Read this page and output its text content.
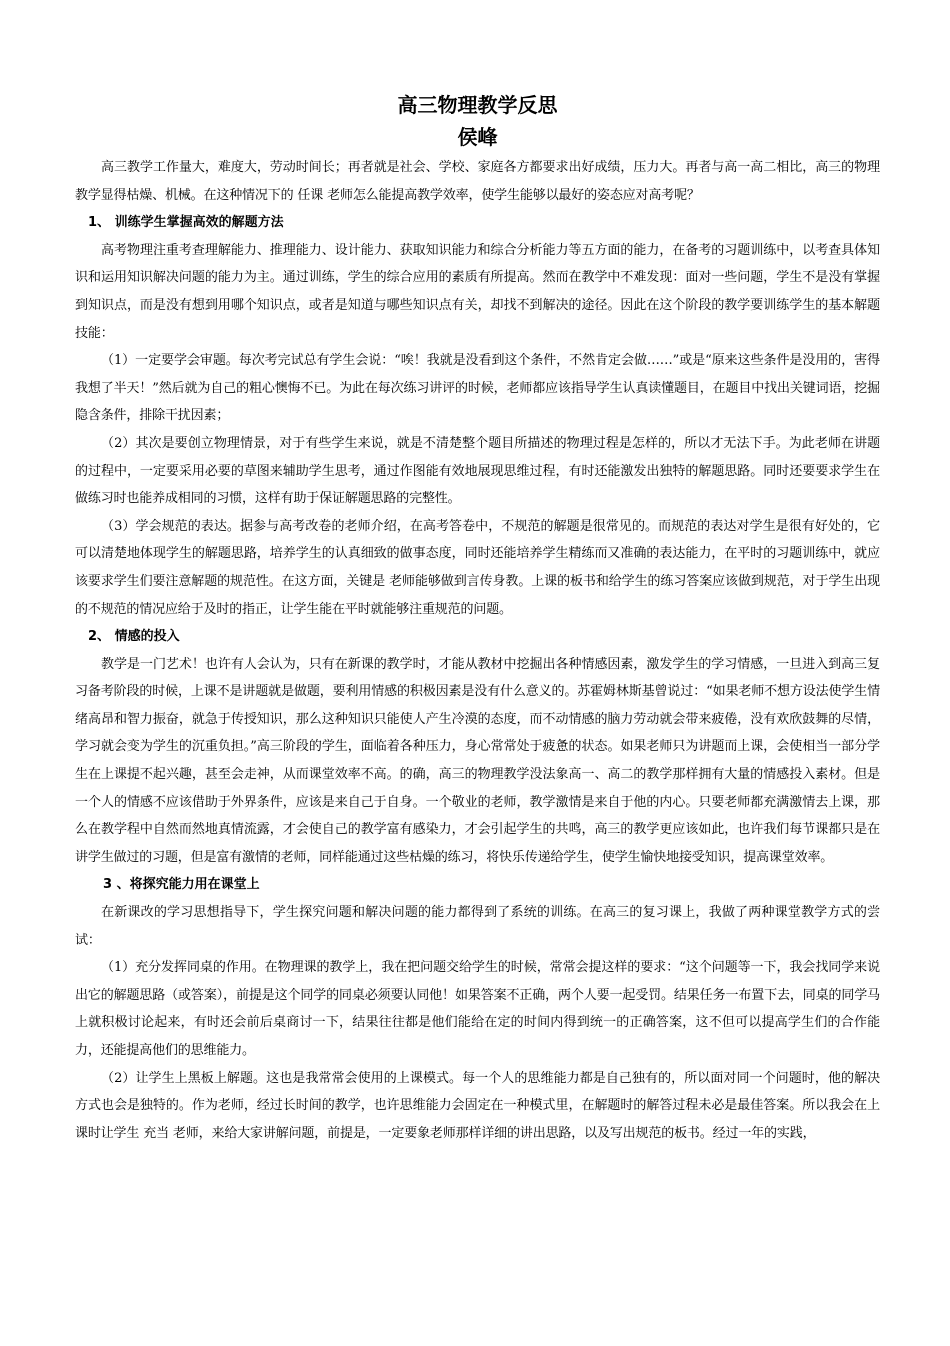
高三物理教学反思
侯峰

高三教学工作量大，难度大，劳动时间长；再者就是社会、学校、家庭各方都要求出好成绩，压力大。再者与高一高二相比，高三的物理教学显得枯燥、机械。在这种情况下的 任课 老师怎么能提高教学效率，使学生能够以最好的姿态应对高考呢？

1、 训练学生掌握高效的解题方法

高考物理注重考查理解能力、推理能力、设计能力、获取知识能力和综合分析能力等五方面的能力，在备考的习题训练中，以考查具体知识和运用知识解决问题的能力为主。通过训练，学生的综合应用的素质有所提高。然而在教学中不难发现：面对一些问题，学生不是没有掌握到知识点，而是没有想到用哪个知识点，或者是知道与哪些知识点有关，却找不到解决的途径。因此在这个阶段的教学要训练学生的基本解题技能：

（1）一定要学会审题。每次考完试总有学生会说：“唉！我就是没看到这个条件，不然肯定会做……”或是“原来这些条件是没用的，害得我想了半天！”然后就为自己的粗心懊悔不已。为此在每次练习讲评的时候，老师都应该指导学生认真读懂题目，在题目中找出关键词语，挖掘隐含条件，排除干扰因素；

（2）其次是要创立物理情景，对于有些学生来说，就是不清楚整个题目所描述的物理过程是怎样的，所以才无法下手。为此老师在讲题的过程中，一定要采用必要的草图来辅助学生思考，通过作图能有效地展现思维过程，有时还能激发出独特的解题思路。同时还要要求学生在做练习时也能养成相同的习惯，这样有助于保证解题思路的完整性。

（3）学会规范的表达。据参与高考改卷的老师介绍，在高考答卷中，不规范的解题是很常见的。而规范的表达对学生是很有好处的，它可以清楚地体现学生的解题思路，培养学生的认真细致的做事态度，同时还能培养学生精练而又准确的表达能力，在平时的习题训练中，就应该要求学生们要注意解题的规范性。在这方面，关键是 老师能够做到言传身教。上课的板书和给学生的练习答案应该做到规范，对于学生出现的不规范的情况应给于及时的指正，让学生能在平时就能够注重规范的问题。

2、 情感的投入

教学是一门艺术！也许有人会认为，只有在新课的教学时，才能从教材中挖掘出各种情感因素，激发学生的学习情感，一旦进入到高三复习备考阶段的时候，上课不是讲题就是做题，要利用情感的积极因素是没有什么意义的。苏霍姆林斯基曾说过：“如果老师不想方设法使学生情绪高昂和智力振奋，就急于传授知识，那么这种知识只能使人产生冷漠的态度，而不动情感的脑力劳动就会带来疲倦，没有欢欣鼓舞的尽情，学习就会变为学生的沉重负担。”高三阶段的学生，面临着各种压力，身心常常处于疲惫的状态。如果老师只为讲题而上课，会使相当一部分学生在上课提不起兴趣，甚至会走神，从而课堂效率不高。的确，高三的物理教学没法象高一、高二的教学那样拥有大量的情感投入素材。但是一个人的情感不应该借助于外界条件，应该是来自己于自身。一个敬业的老师，教学激情是来自于他的内心。只要老师都充满激情去上课，那么在教学程中自然而然地真情流露，才会使自己的教学富有感染力，才会引起学生的共鸣，高三的教学更应该如此，也许我们每节课都只是在讲学生做过的习题，但是富有激情的老师，同样能通过这些枯燥的练习，将快乐传递给学生，使学生愉快地接受知识，提高课堂效率。

3 、将探究能力用在课堂上

在新课改的学习思想指导下，学生探究问题和解决问题的能力都得到了系统的训练。在高三的复习课上，我做了两种课堂教学方式的尝试：

（1）充分发挥同桌的作用。在物理课的教学上，我在把问题交给学生的时候，常常会提这样的要求：“这个问题等一下，我会找同学来说出它的解题思路（或答案），前提是这个同学的同桌必须要认同他！如果答案不正确，两个人要一起受罚。结果任务一布置下去，同桌的同学马上就积极讨论起来，有时还会前后桌商讨一下，结果往往都是他们能给在定的时间内得到统一的正确答案，这不但可以提高学生们的合作能力，还能提高他们的思维能力。

（2）让学生上黑板上解题。这也是我常常会使用的上课模式。每一个人的思维能力都是自己独有的，所以面对同一个问题时，他的解决方式也会是独特的。作为老师，经过长时间的教学，也许思维能力会固定在一种模式里，在解题时的解答过程未必是最佳答案。所以我会在上课时让学生 充当 老师，来给大家讲解问题，前提是，一定要象老师那样详细的讲出思路，以及写出规范的板书。经过一年的实践，
